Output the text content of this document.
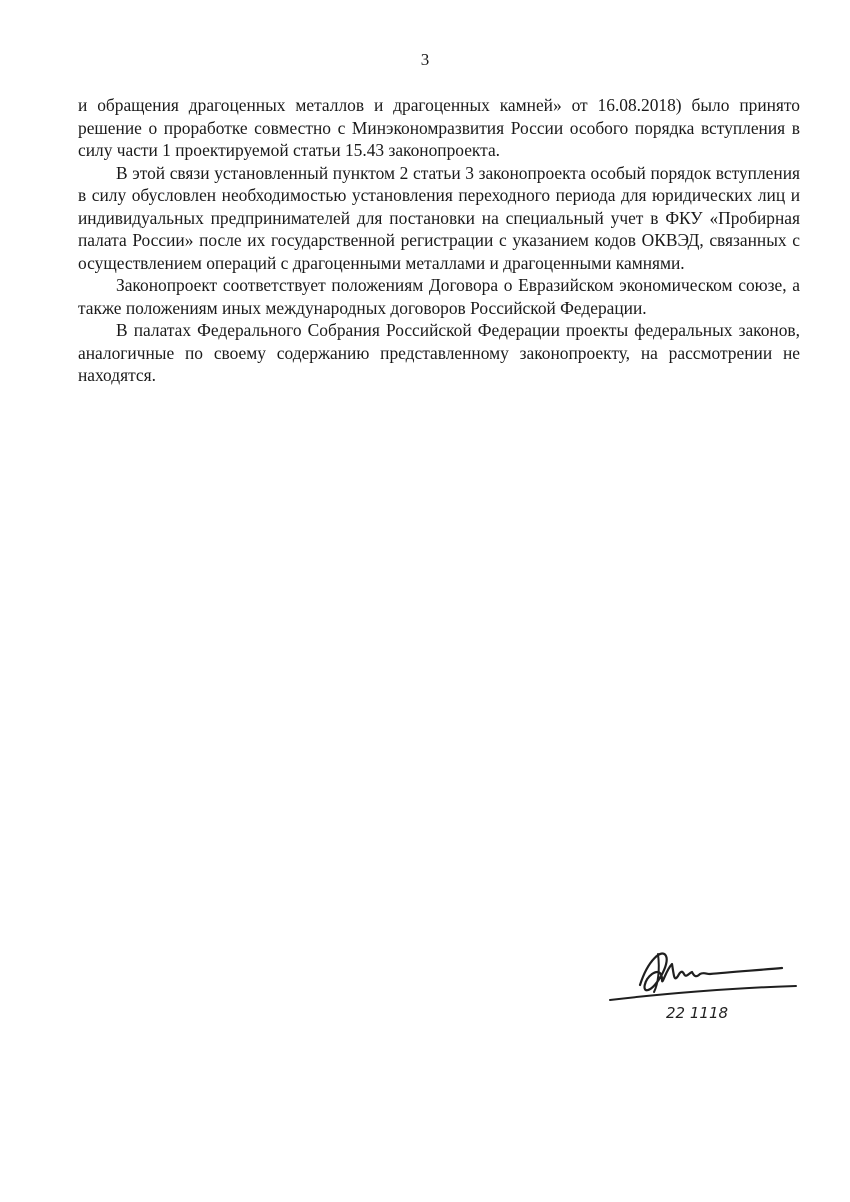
3

и обращения драгоценных металлов и драгоценных камней» от 16.08.2018) было принято решение о проработке совместно с Минэкономразвития России особого порядка вступления в силу части 1 проектируемой статьи 15.43 законопроекта.

В этой связи установленный пунктом 2 статьи 3 законопроекта особый порядок вступления в силу обусловлен необходимостью установления переходного периода для юридических лиц и индивидуальных предпринимателей для постановки на специальный учет в ФКУ «Пробирная палата России» после их государственной регистрации с указанием кодов ОКВЭД, связанных с осуществлением операций с драгоценными металлами и драгоценными камнями.

Законопроект соответствует положениям Договора о Евразийском экономическом союзе, а также положениям иных международных договоров Российской Федерации.

В палатах Федерального Собрания Российской Федерации проекты федеральных законов, аналогичные по своему содержанию представленному законопроекту, на рассмотрении не находятся.

22 1118
